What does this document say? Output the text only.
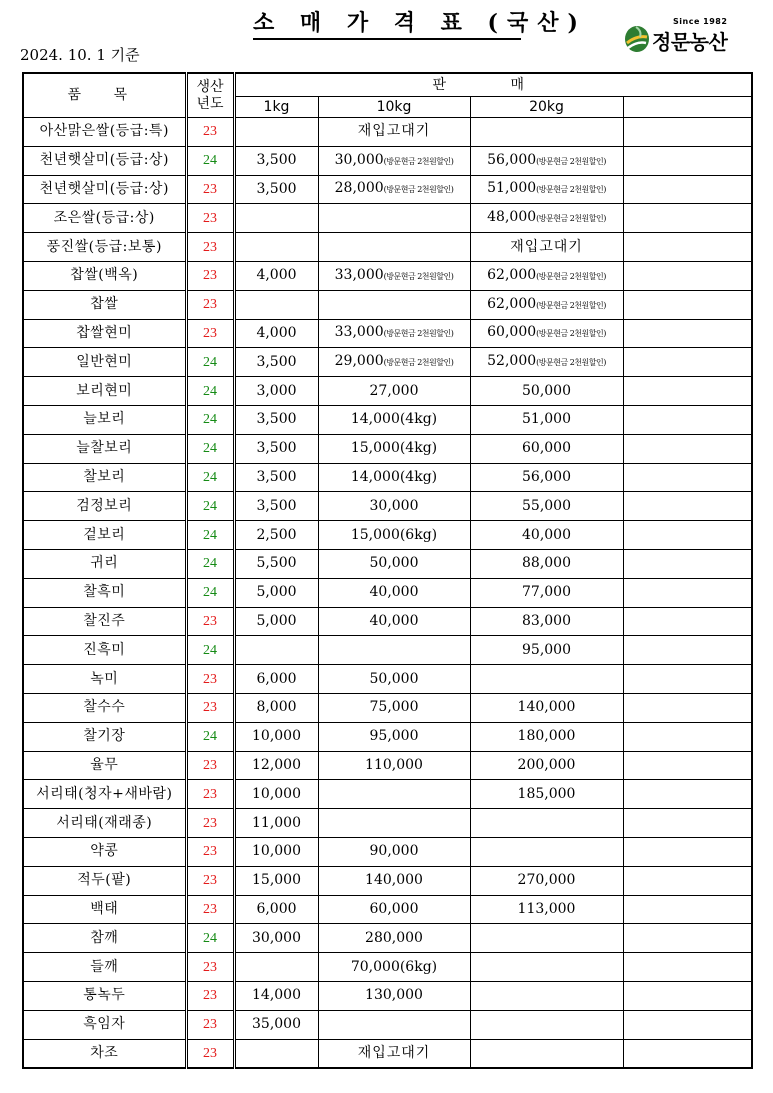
소 매 가 격 표 (국산)
2024. 10. 1 기준
Since 1982
정문농산
품 목	생산
년도	판 매			
		1kg	10kg	20kg	
아산맑은쌀(등급:특)	23		재입고대기		
천년햇살미(등급:상)	24	3,500	30,000(방문현금 2천원할인)	56,000(방문현금 2천원할인)	
천년햇살미(등급:상)	23	3,500	28,000(방문현금 2천원할인)	51,000(방문현금 2천원할인)	
조은쌀(등급:상)	23			48,000(방문현금 2천원할인)	
풍진쌀(등급:보통)	23			재입고대기	
찹쌀(백옥)	23	4,000	33,000(방문현금 2천원할인)	62,000(방문현금 2천원할인)	
찹쌀	23			62,000(방문현금 2천원할인)	
찹쌀현미	23	4,000	33,000(방문현금 2천원할인)	60,000(방문현금 2천원할인)	
일반현미	24	3,500	29,000(방문현금 2천원할인)	52,000(방문현금 2천원할인)	
보리현미	24	3,000	27,000	50,000	
늘보리	24	3,500	14,000(4kg)	51,000	
늘찰보리	24	3,500	15,000(4kg)	60,000	
찰보리	24	3,500	14,000(4kg)	56,000	
검정보리	24	3,500	30,000	55,000	
겉보리	24	2,500	15,000(6kg)	40,000	
귀리	24	5,500	50,000	88,000	
찰흑미	24	5,000	40,000	77,000	
찰진주	23	5,000	40,000	83,000	
진흑미	24			95,000	
녹미	23	6,000	50,000		
찰수수	23	8,000	75,000	140,000	
찰기장	24	10,000	95,000	180,000	
율무	23	12,000	110,000	200,000	
서리태(청자+새바람)	23	10,000		185,000	
서리태(재래종)	23	11,000			
약콩	23	10,000	90,000		
적두(팥)	23	15,000	140,000	270,000	
백태	23	6,000	60,000	113,000	
참깨	24	30,000	280,000		
들깨	23		70,000(6kg)		
통녹두	23	14,000	130,000		
흑임자	23	35,000			
차조	23		재입고대기		
